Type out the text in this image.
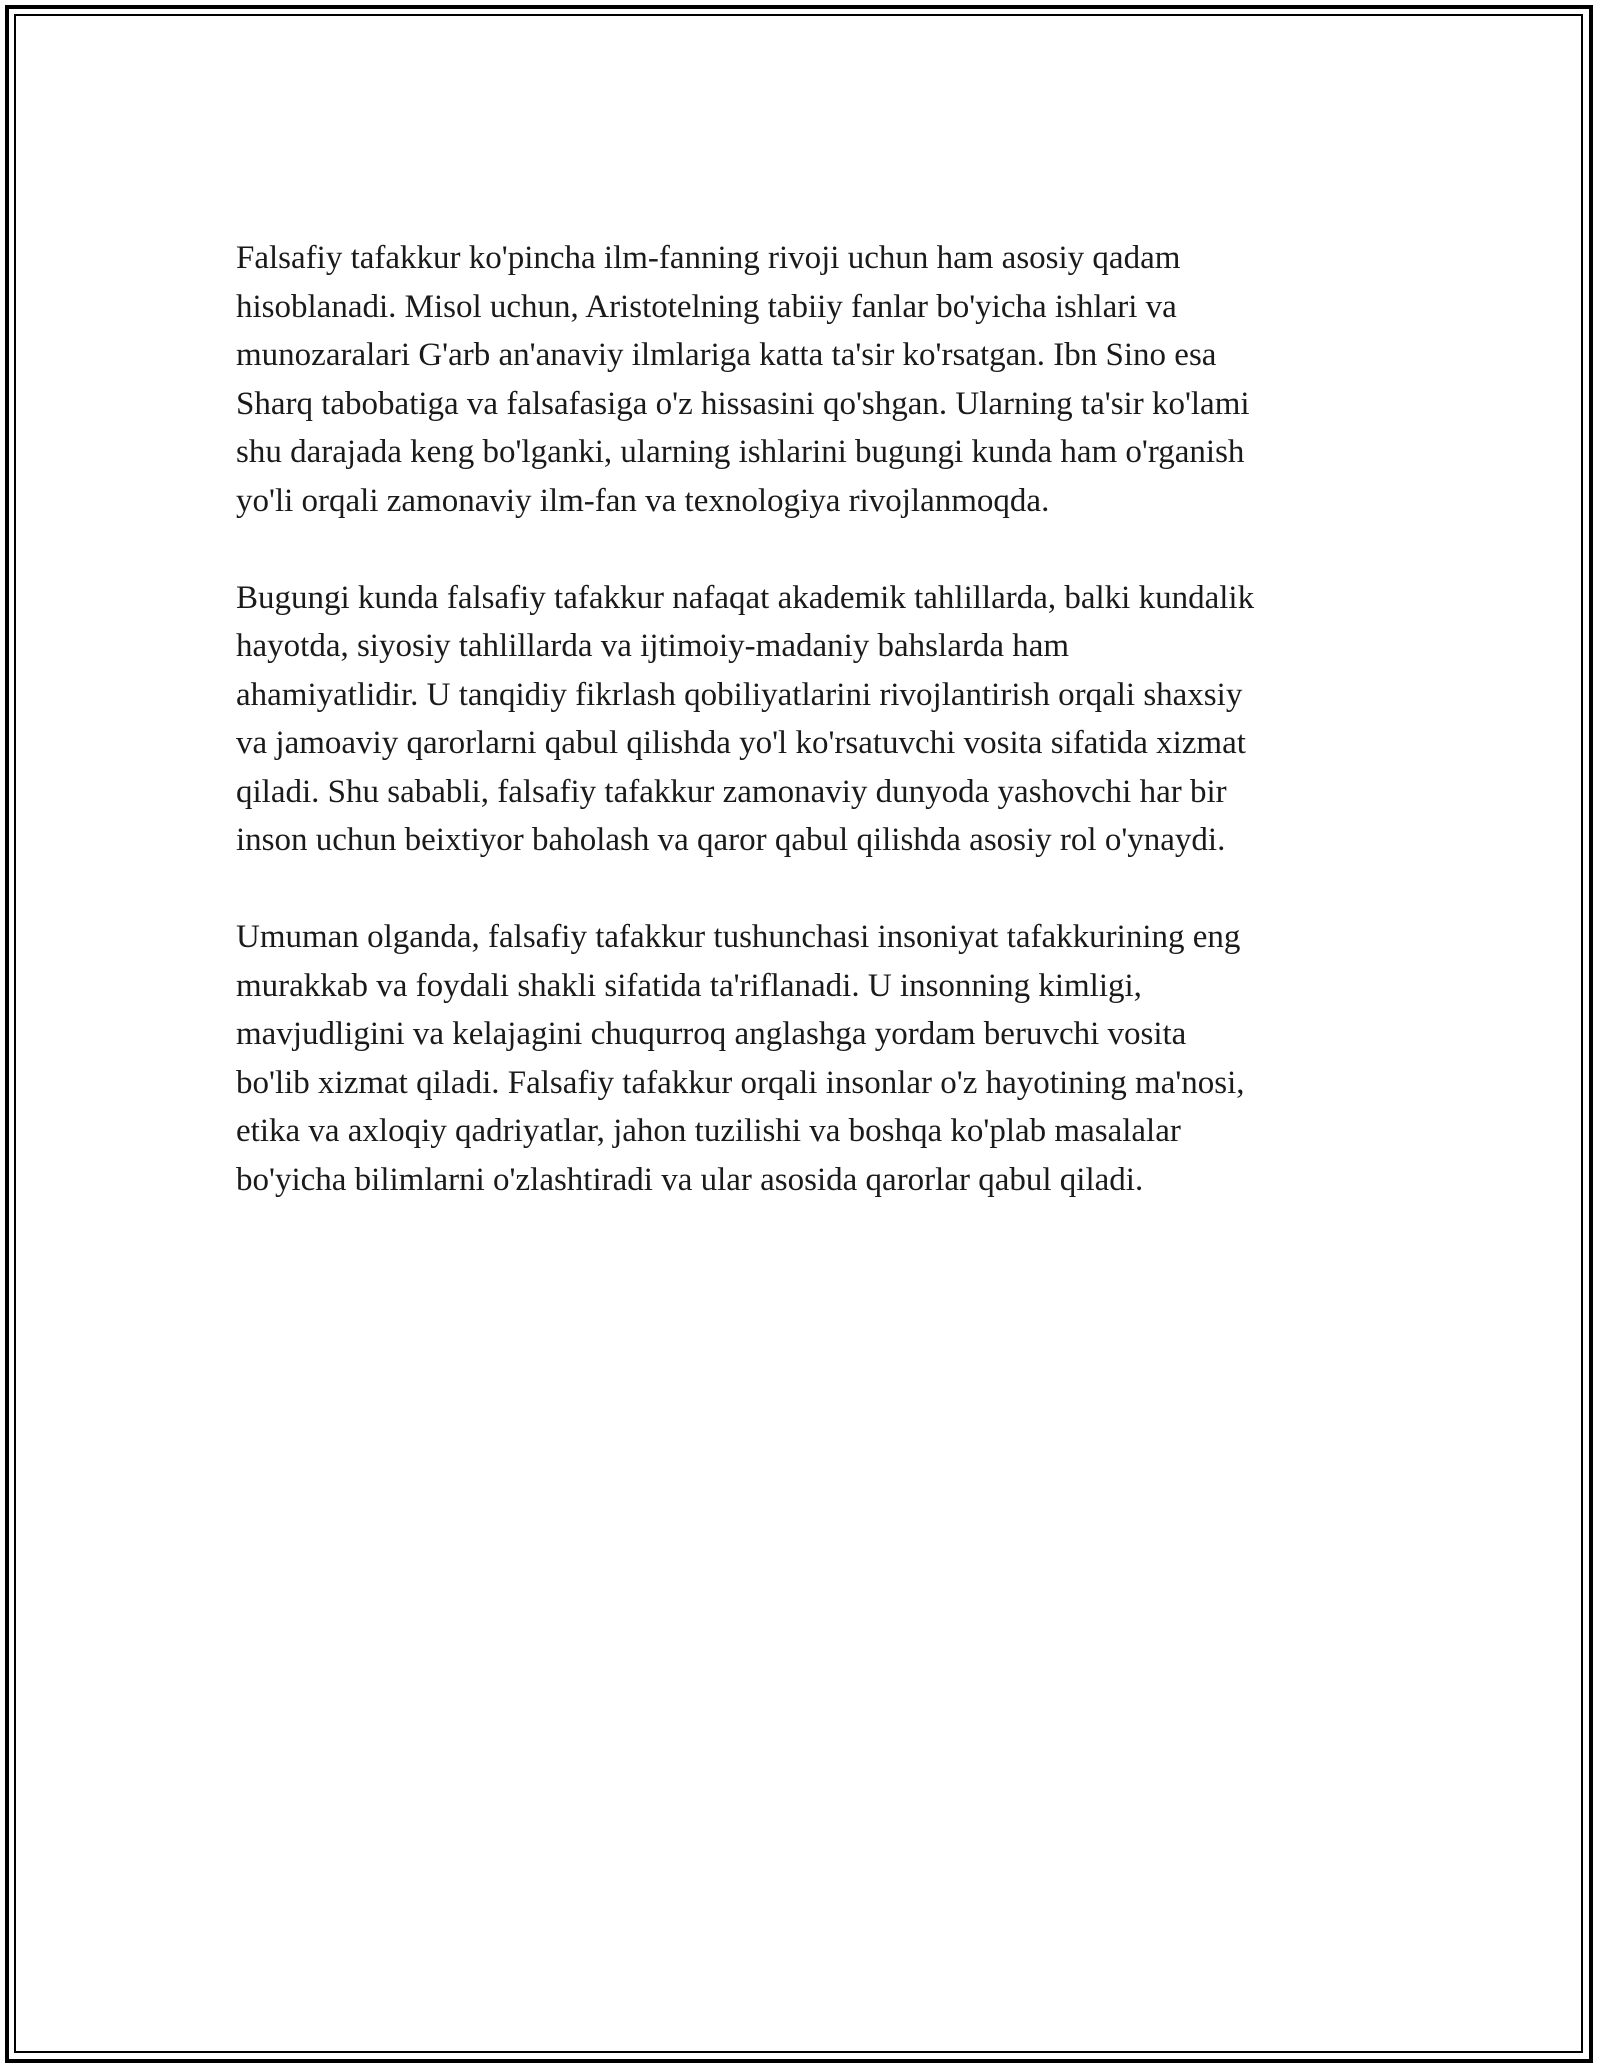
Falsafiy tafakkur ko'pincha ilm-fanning rivoji uchun ham asosiy qadam
hisoblanadi. Misol uchun, Aristotelning tabiiy fanlar bo'yicha ishlari va
munozaralari G'arb an'anaviy ilmlariga katta ta'sir ko'rsatgan. Ibn Sino esa
Sharq tabobatiga va falsafasiga o'z hissasini qo'shgan. Ularning ta'sir ko'lami
shu darajada keng bo'lganki, ularning ishlarini bugungi kunda ham o'rganish
yo'li orqali zamonaviy ilm-fan va texnologiya rivojlanmoqda.

Bugungi kunda falsafiy tafakkur nafaqat akademik tahlillarda, balki kundalik
hayotda, siyosiy tahlillarda va ijtimoiy-madaniy bahslarda ham
ahamiyatlidir. U tanqidiy fikrlash qobiliyatlarini rivojlantirish orqali shaxsiy
va jamoaviy qarorlarni qabul qilishda yo'l ko'rsatuvchi vosita sifatida xizmat
qiladi. Shu sababli, falsafiy tafakkur zamonaviy dunyoda yashovchi har bir
inson uchun beixtiyor baholash va qaror qabul qilishda asosiy rol o'ynaydi.

Umuman olganda, falsafiy tafakkur tushunchasi insoniyat tafakkurining eng
murakkab va foydali shakli sifatida ta'riflanadi. U insonning kimligi,
mavjudligini va kelajagini chuqurroq anglashga yordam beruvchi vosita
bo'lib xizmat qiladi. Falsafiy tafakkur orqali insonlar o'z hayotining ma'nosi,
etika va axloqiy qadriyatlar, jahon tuzilishi va boshqa ko'plab masalalar
bo'yicha bilimlarni o'zlashtiradi va ular asosida qarorlar qabul qiladi.
